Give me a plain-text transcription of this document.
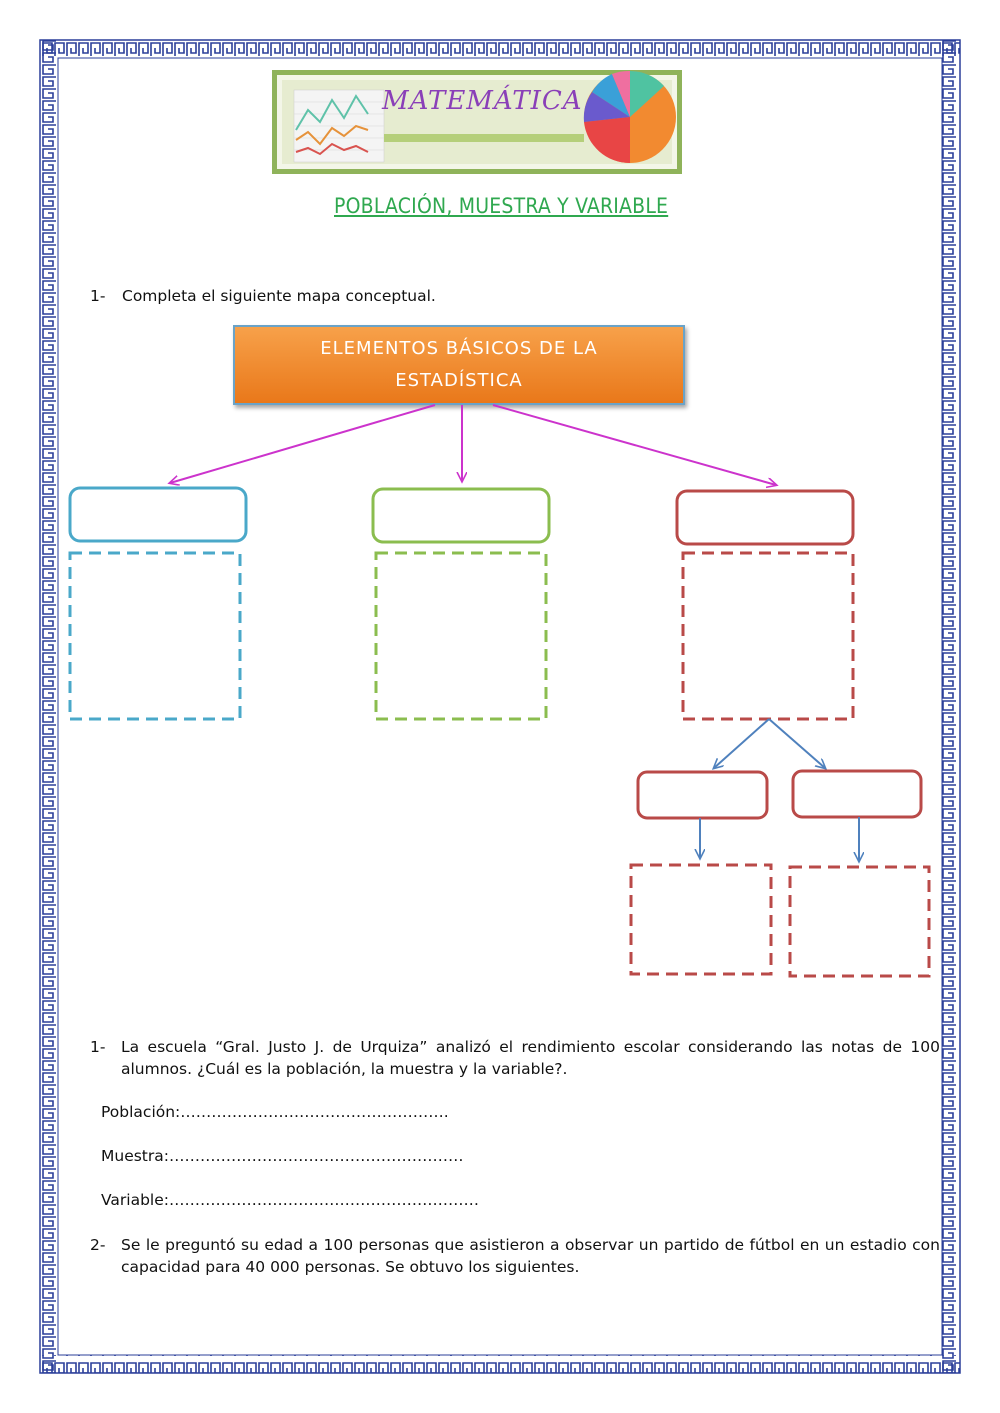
MATEMÁTICA
POBLACIÓN, MUESTRA Y VARIABLE
1- Completa el siguiente mapa conceptual.
ELEMENTOS BÁSICOS DE LA ESTADÍSTICA
1-	La escuela “Gral. Justo J. de Urquiza” analizó el rendimiento escolar considerando las notas de 100 alumnos. ¿Cuál es la población, la muestra y la variable?.
Población:…………………………………………….
Muestra:…………………………………………………
Variable:……………………………………………………
2-	Se le preguntó su edad a 100 personas que asistieron a observar un partido de fútbol en un estadio con capacidad para 40 000 personas. Se obtuvo los siguientes.
